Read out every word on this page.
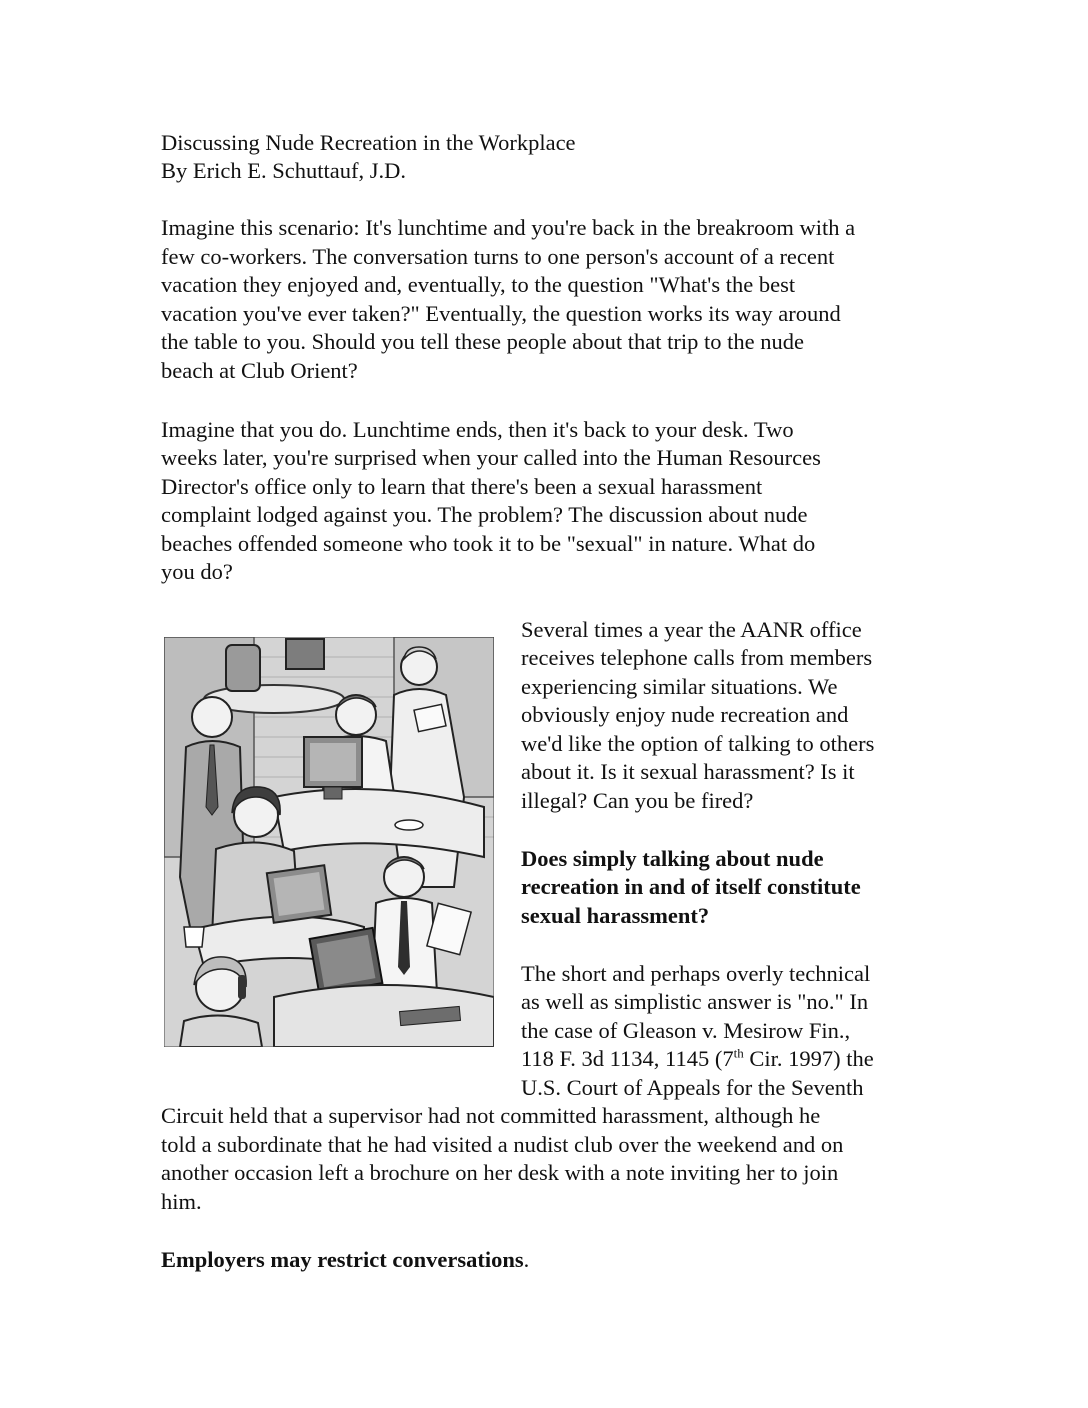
Discussing Nude Recreation in the Workplace
By Erich E. Schuttauf, J.D.
Imagine this scenario: It's lunchtime and you're back in the breakroom with a
few co-workers. The conversation turns to one person's account of a recent
vacation they enjoyed and, eventually, to the question "What's the best
vacation you've ever taken?" Eventually, the question works its way around
the table to you. Should you tell these people about that trip to the nude
beach at Club Orient?
Imagine that you do. Lunchtime ends, then it's back to your desk. Two
weeks later, you're surprised when your called into the Human Resources
Director's office only to learn that there's been a sexual harassment
complaint lodged against you. The problem? The discussion about nude
beaches offended someone who took it to be "sexual" in nature. What do
you do?
Several times a year the AANR office
receives telephone calls from members
experiencing similar situations. We
obviously enjoy nude recreation and
we'd like the option of talking to others
about it. Is it sexual harassment? Is it
illegal? Can you be fired?
Does simply talking about nude
recreation in and of itself constitute
sexual harassment?
The short and perhaps overly technical
as well as simplistic answer is "no." In
the case of Gleason v. Mesirow Fin.,
118 F. 3d 1134, 1145 (7th Cir. 1997) the
U.S. Court of Appeals for the Seventh
Circuit held that a supervisor had not committed harassment, although he
told a subordinate that he had visited a nudist club over the weekend and on
another occasion left a brochure on her desk with a note inviting her to join
him.
Employers may restrict conversations.
